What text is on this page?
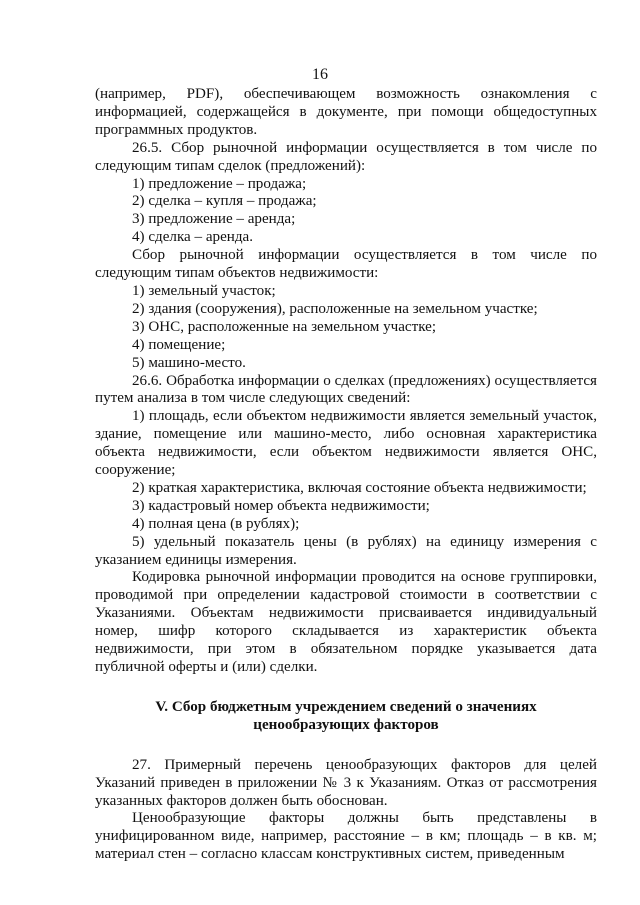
16

(например, PDF), обеспечивающем возможность ознакомления с информацией, содержащейся в документе, при помощи общедоступных программных продуктов.

26.5. Сбор рыночной информации осуществляется в том числе по следующим типам сделок (предложений):

1) предложение – продажа;

2) сделка – купля – продажа;

3) предложение – аренда;

4) сделка – аренда.

Сбор рыночной информации осуществляется в том числе по следующим типам объектов недвижимости:

1) земельный участок;

2) здания (сооружения), расположенные на земельном участке;

3) ОНС, расположенные на земельном участке;

4) помещение;

5) машино-место.

26.6. Обработка информации о сделках (предложениях) осуществляется путем анализа в том числе следующих сведений:

1) площадь, если объектом недвижимости является земельный участок, здание, помещение или машино-место, либо основная характеристика объекта недвижимости, если объектом недвижимости является ОНС, сооружение;

2) краткая характеристика, включая состояние объекта недвижимости;

3) кадастровый номер объекта недвижимости;

4) полная цена (в рублях);

5) удельный показатель цены (в рублях) на единицу измерения с указанием единицы измерения.

Кодировка рыночной информации проводится на основе группировки, проводимой при определении кадастровой стоимости в соответствии с Указаниями. Объектам недвижимости присваивается индивидуальный номер, шифр которого складывается из характеристик объекта недвижимости, при этом в обязательном порядке указывается дата публичной оферты и (или) сделки.

V. Сбор бюджетным учреждением сведений о значениях
ценообразующих факторов

27. Примерный перечень ценообразующих факторов для целей Указаний приведен в приложении № 3 к Указаниям. Отказ от рассмотрения указанных факторов должен быть обоснован.

Ценообразующие факторы должны быть представлены в унифицированном виде, например, расстояние – в км; площадь – в кв. м; материал стен – согласно классам конструктивных систем, приведенным
